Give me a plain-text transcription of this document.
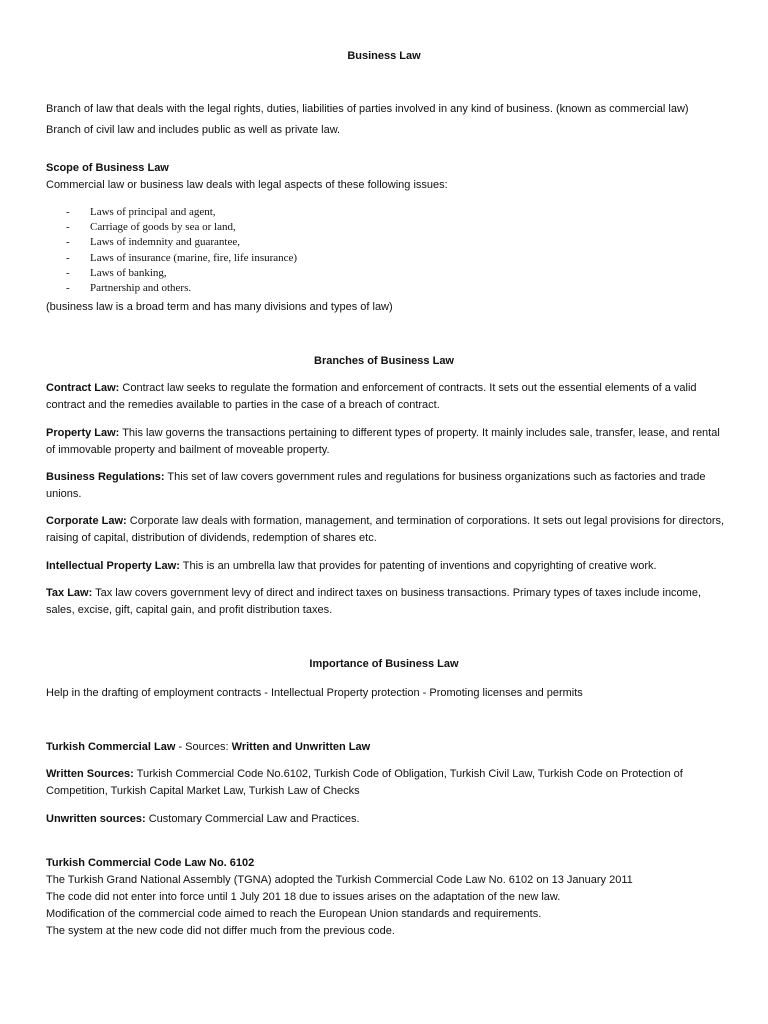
Business Law

Branch of law that deals with the legal rights, duties, liabilities of parties involved in any kind of business. (known as commercial law)

Branch of civil law and includes public as well as private law.

Scope of Business Law

Commercial law or business law deals with legal aspects of these following issues:

-	Laws of principal and agent,
-	Carriage of goods by sea or land,
-	Laws of indemnity and guarantee,
-	Laws of insurance (marine, fire, life insurance)
-	Laws of banking,
-	Partnership and others.
(business law is a broad term and has many divisions and types of law)
Branches of Business Law
Contract Law: Contract law seeks to regulate the formation and enforcement of contracts. It sets out the essential elements of a valid contract and the remedies available to parties in the case of a breach of contract.
Property Law: This law governs the transactions pertaining to different types of property. It mainly includes sale, transfer, lease, and rental of immovable property and bailment of moveable property.
Business Regulations: This set of law covers government rules and regulations for business organizations such as factories and trade unions.
Corporate Law: Corporate law deals with formation, management, and termination of corporations. It sets out legal provisions for directors, raising of capital, distribution of dividends, redemption of shares etc.
Intellectual Property Law: This is an umbrella law that provides for patenting of inventions and copyrighting of creative work.
Tax Law: Tax law covers government levy of direct and indirect taxes on business transactions. Primary types of taxes include income, sales, excise, gift, capital gain, and profit distribution taxes.
Importance of Business Law
Help in the drafting of employment contracts - Intellectual Property protection - Promoting licenses and permits
Turkish Commercial Law - Sources: Written and Unwritten Law
Written Sources: Turkish Commercial Code No.6102, Turkish Code of Obligation, Turkish Civil Law, Turkish Code on Protection of Competition, Turkish Capital Market Law, Turkish Law of Checks
Unwritten sources: Customary Commercial Law and Practices.

Turkish Commercial Code Law No. 6102

The Turkish Grand National Assembly (TGNA) adopted the Turkish Commercial Code Law No. 6102 on 13 January 2011

The code did not enter into force until 1 July 201 18 due to issues arises on the adaptation of the new law.

Modification of the commercial code aimed to reach the European Union standards and requirements.

The system at the new code did not differ much from the previous code.
